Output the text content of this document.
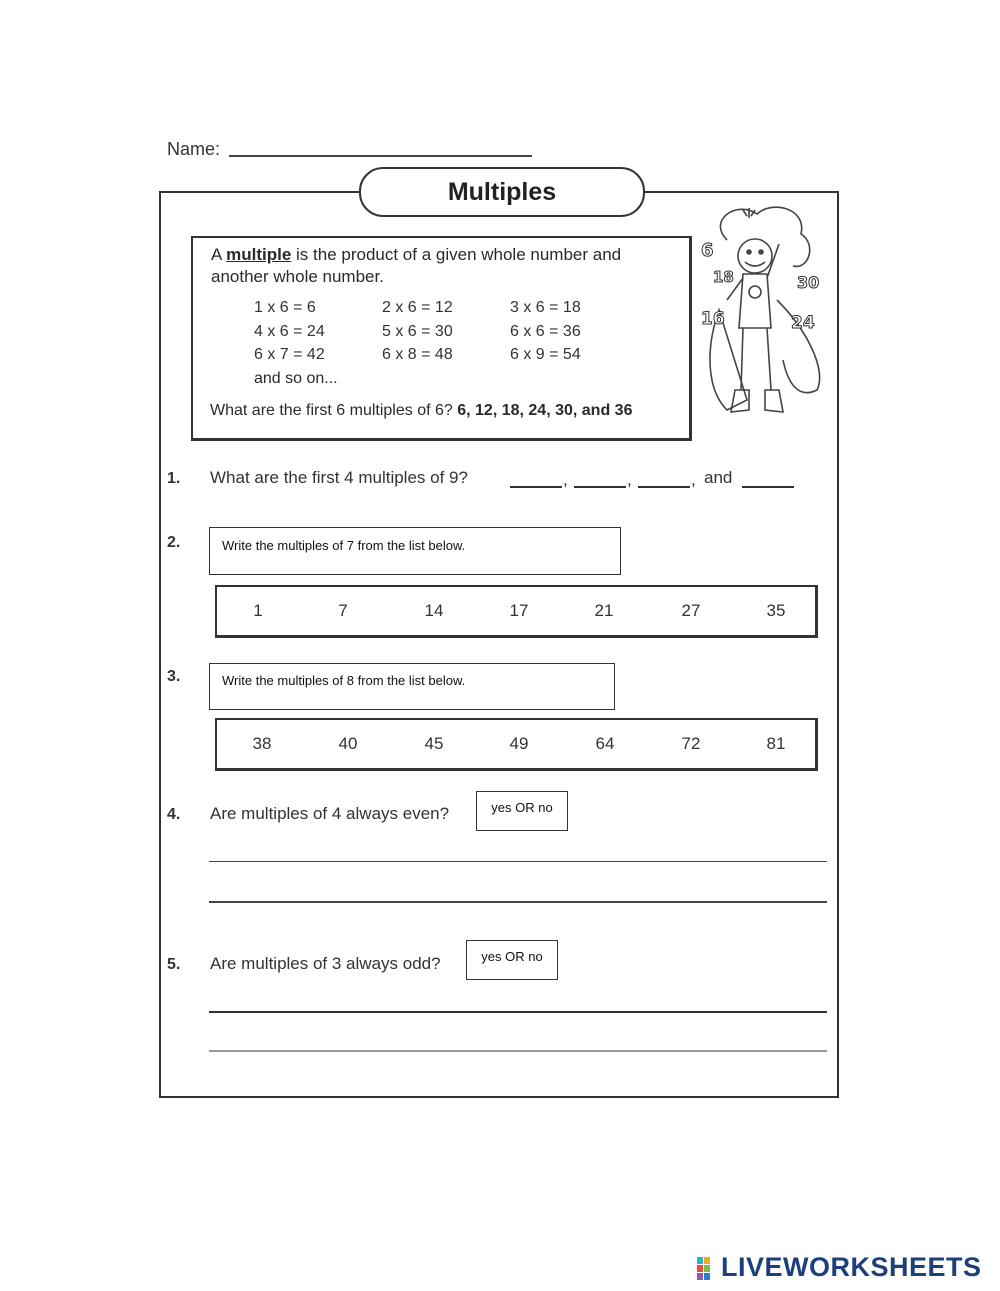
Name:
Multiples
A multiple is the product of a given whole number and another whole number.
1 x 6 = 6	2 x 6 = 12	3 x 6 = 18
4 x 6 = 24	5 x 6 = 30	6 x 6 = 36
6 x 7 = 42	6 x 8 = 48	6 x 9 = 54
and so on...
What are the first 6 multiples of 6? 6, 12, 18, 24, 30, and 36
6
18	30
16	24
1. What are the first 4 multiples of 9?	,	,	, and
2.	Write the multiples of 7 from the list below.
1	7	14	17	21	27	35
3.	Write the multiples of 8 from the list below.
38	40	45	49	64	72	81
4. Are multiples of 4 always even?	yes OR no
5. Are multiples of 3 always odd?	yes OR no
LIVEWORKSHEETS
